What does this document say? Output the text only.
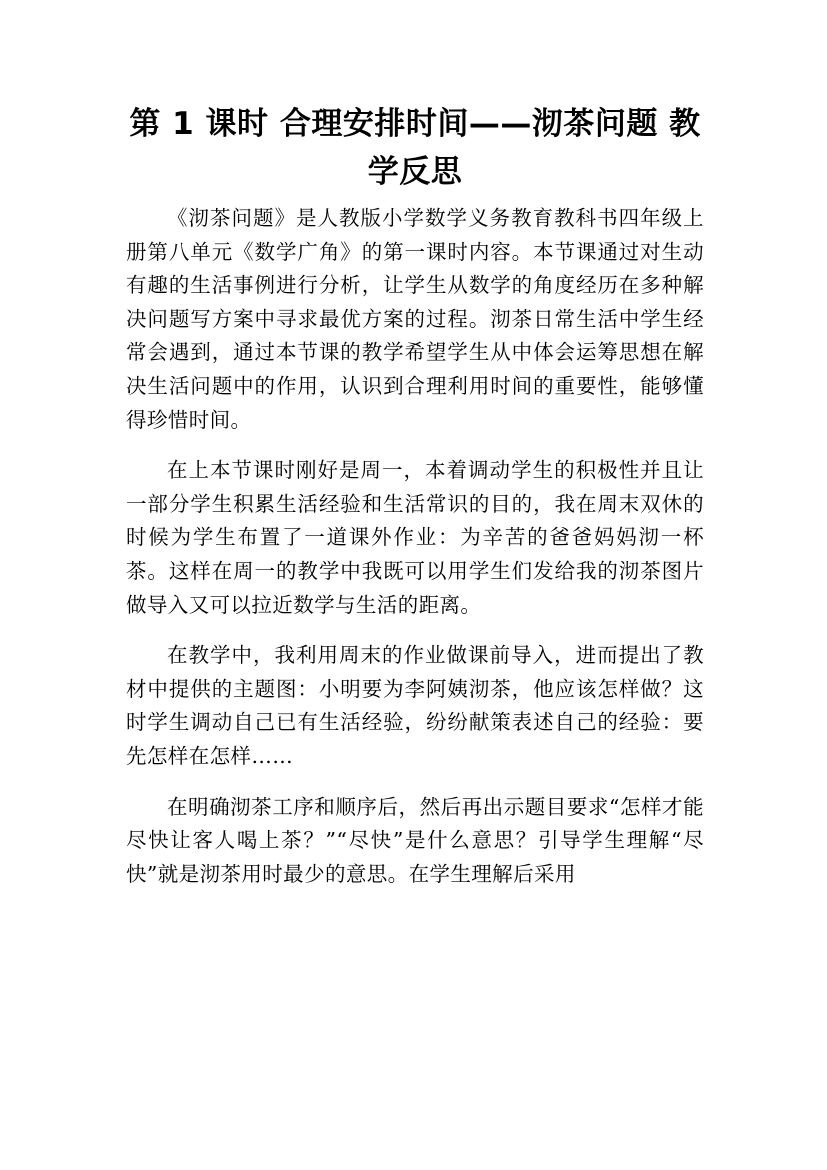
第 1 课时 合理安排时间——沏茶问题 教学反思

《沏茶问题》是人教版小学数学义务教育教科书四年级上册第八单元《数学广角》的第一课时内容。本节课通过对生动有趣的生活事例进行分析，让学生从数学的角度经历在多种解决问题写方案中寻求最优方案的过程。沏茶日常生活中学生经常会遇到，通过本节课的教学希望学生从中体会运筹思想在解决生活问题中的作用，认识到合理利用时间的重要性，能够懂得珍惜时间。

在上本节课时刚好是周一，本着调动学生的积极性并且让一部分学生积累生活经验和生活常识的目的，我在周末双休的时候为学生布置了一道课外作业：为辛苦的爸爸妈妈沏一杯茶。这样在周一的教学中我既可以用学生们发给我的沏茶图片做导入又可以拉近数学与生活的距离。

在教学中，我利用周末的作业做课前导入，进而提出了教材中提供的主题图：小明要为李阿姨沏茶，他应该怎样做？这时学生调动自己已有生活经验，纷纷献策表述自己的经验：要先怎样在怎样……

在明确沏茶工序和顺序后，然后再出示题目要求“怎样才能尽快让客人喝上茶？”“尽快”是什么意思？引导学生理解“尽快”就是沏茶用时最少的意思。在学生理解后采用
